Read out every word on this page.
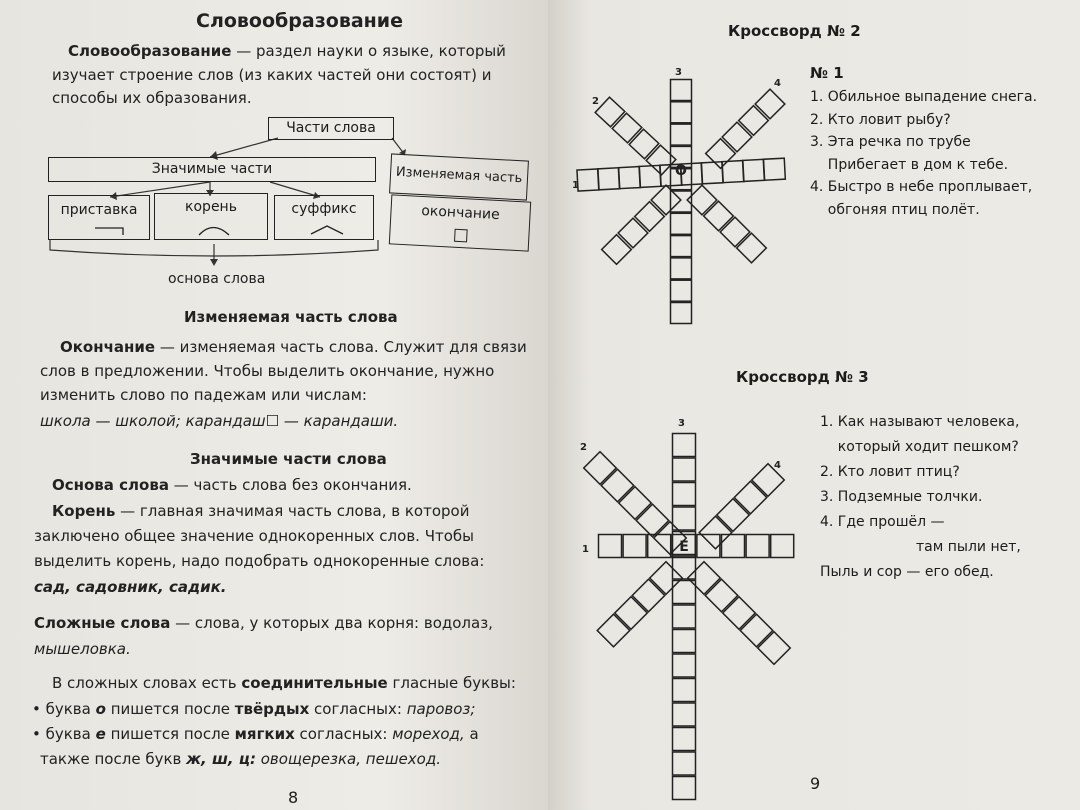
Словообразование
Словообразование — раздел науки о языке, который
изучает строение слов (из каких частей они состоят) и
способы их образования.
Части слова
Значимые части	Изменяемая часть
приставка	корень	суффикс	окончание
основа слова
Изменяемая часть слова
Окончание — изменяемая часть слова. Служит для связи
слов в предложении. Чтобы выделить окончание, нужно
изменить слово по падежам или числам:
школа — школой; карандаш☐ — карандаши.
Значимые части слова
Основа слова — часть слова без окончания.
Корень — главная значимая часть слова, в которой
заключено общее значение однокоренных слов. Чтобы
выделить корень, надо подобрать однокоренные слова:
сад, садовник, садик.
Сложные слова — слова, у которых два корня: водолаз,
мышеловка.
В сложных словах есть соединительные гласные буквы:
• буква о пишется после твёрдых согласных: паровоз;
• буква е пишется после мягких согласных: мореход, а
также после букв ж, ш, ц: овощерезка, пешеход.
8
Кроссворд № 2
3
1
2
4
О
№ 1
1. Обильное выпадение снега.
2. Кто ловит рыбу?
3. Эта речка по трубе
Прибегает в дом к тебе.
4. Быстро в небе проплывает,
обгоняя птиц полёт.
Кроссворд № 3
3
1
2
4
Е
1. Как называют человека,
который ходит пешком?
2. Кто ловит птиц?
3. Подземные толчки.
4. Где прошёл —
там пыли нет,
Пыль и сор — его обед.
9
